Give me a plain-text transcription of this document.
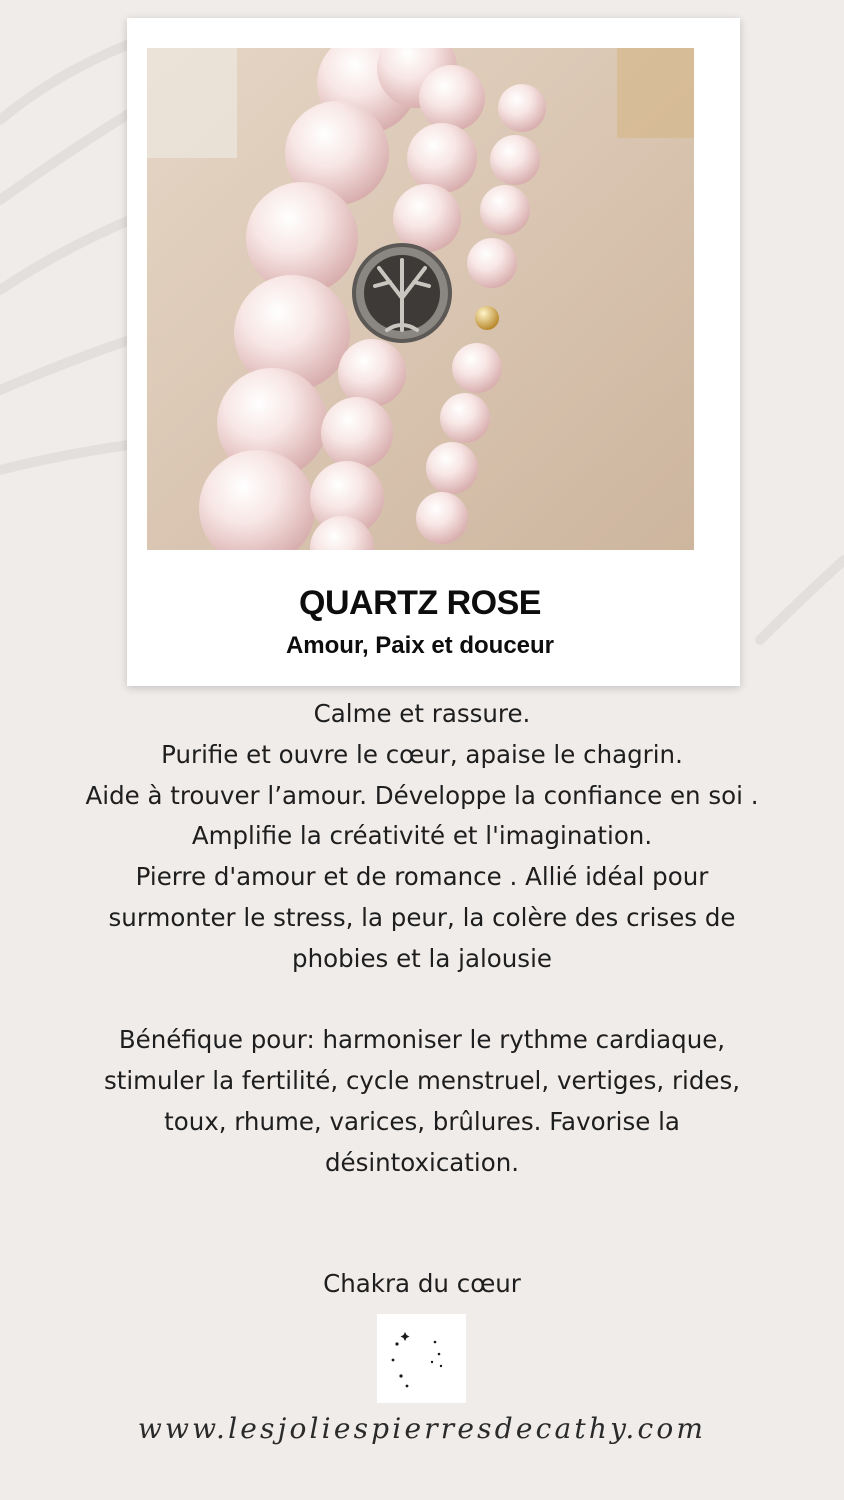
QUARTZ ROSE
Amour, Paix et douceur

Calme et rassure.

Purifie et ouvre le cœur, apaise le chagrin.

Aide à trouver l’amour. Développe la confiance en soi .

Amplifie la créativité et l'imagination.

Pierre d'amour et de romance . Allié idéal pour

surmonter le stress, la peur, la colère des crises de

phobies et la jalousie

Bénéfique pour: harmoniser le rythme cardiaque,

stimuler la fertilité, cycle menstruel, vertiges, rides,

toux, rhume, varices, brûlures. Favorise la

désintoxication.

Chakra du cœur
www.lesjoliespierresdecathy.com
